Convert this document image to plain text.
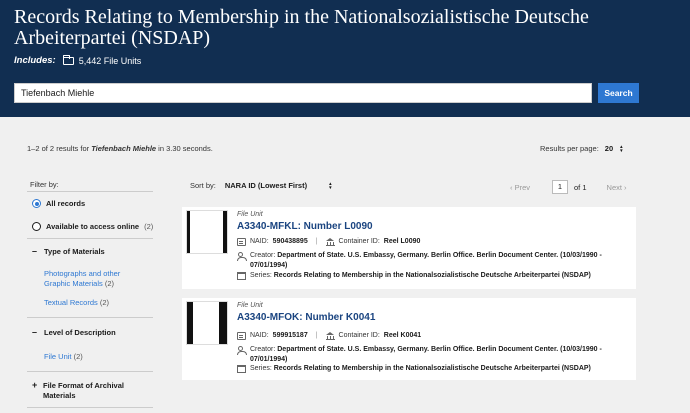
Records Relating to Membership in the Nationalsozialistische Deutsche Arbeiterpartei (NSDAP)
Includes:	5,442 File Units
Tiefenbach Miehle
Search
1–2 of 2 results for Tiefenbach Miehle in 3.30 seconds.	Results per page: 20 ▲
▼
Filter by:
All records
Available to access online (2)
– Type of Materials
Photographs and other Graphic Materials (2)
Textual Records (2)
– Level of Description
File Unit (2)
+ File Format of Archival Materials
Sort by: NARA ID (Lowest First)	▲
▼	‹ Prev	1	of 1	Next ›
File Unit
A3340-MFKL: Number L0090
NAID: 590438895 |	Container ID: Reel L0090
Creator: Department of State. U.S. Embassy, Germany. Berlin Office. Berlin Document Center. (10/03/1990 - 07/01/1994)
Series: Records Relating to Membership in the Nationalsozialistische Deutsche Arbeiterpartei (NSDAP)
File Unit
A3340-MFOK: Number K0041
NAID: 599915187 |	Container ID: Reel K0041
Creator: Department of State. U.S. Embassy, Germany. Berlin Office. Berlin Document Center. (10/03/1990 - 07/01/1994)
Series: Records Relating to Membership in the Nationalsozialistische Deutsche Arbeiterpartei (NSDAP)
